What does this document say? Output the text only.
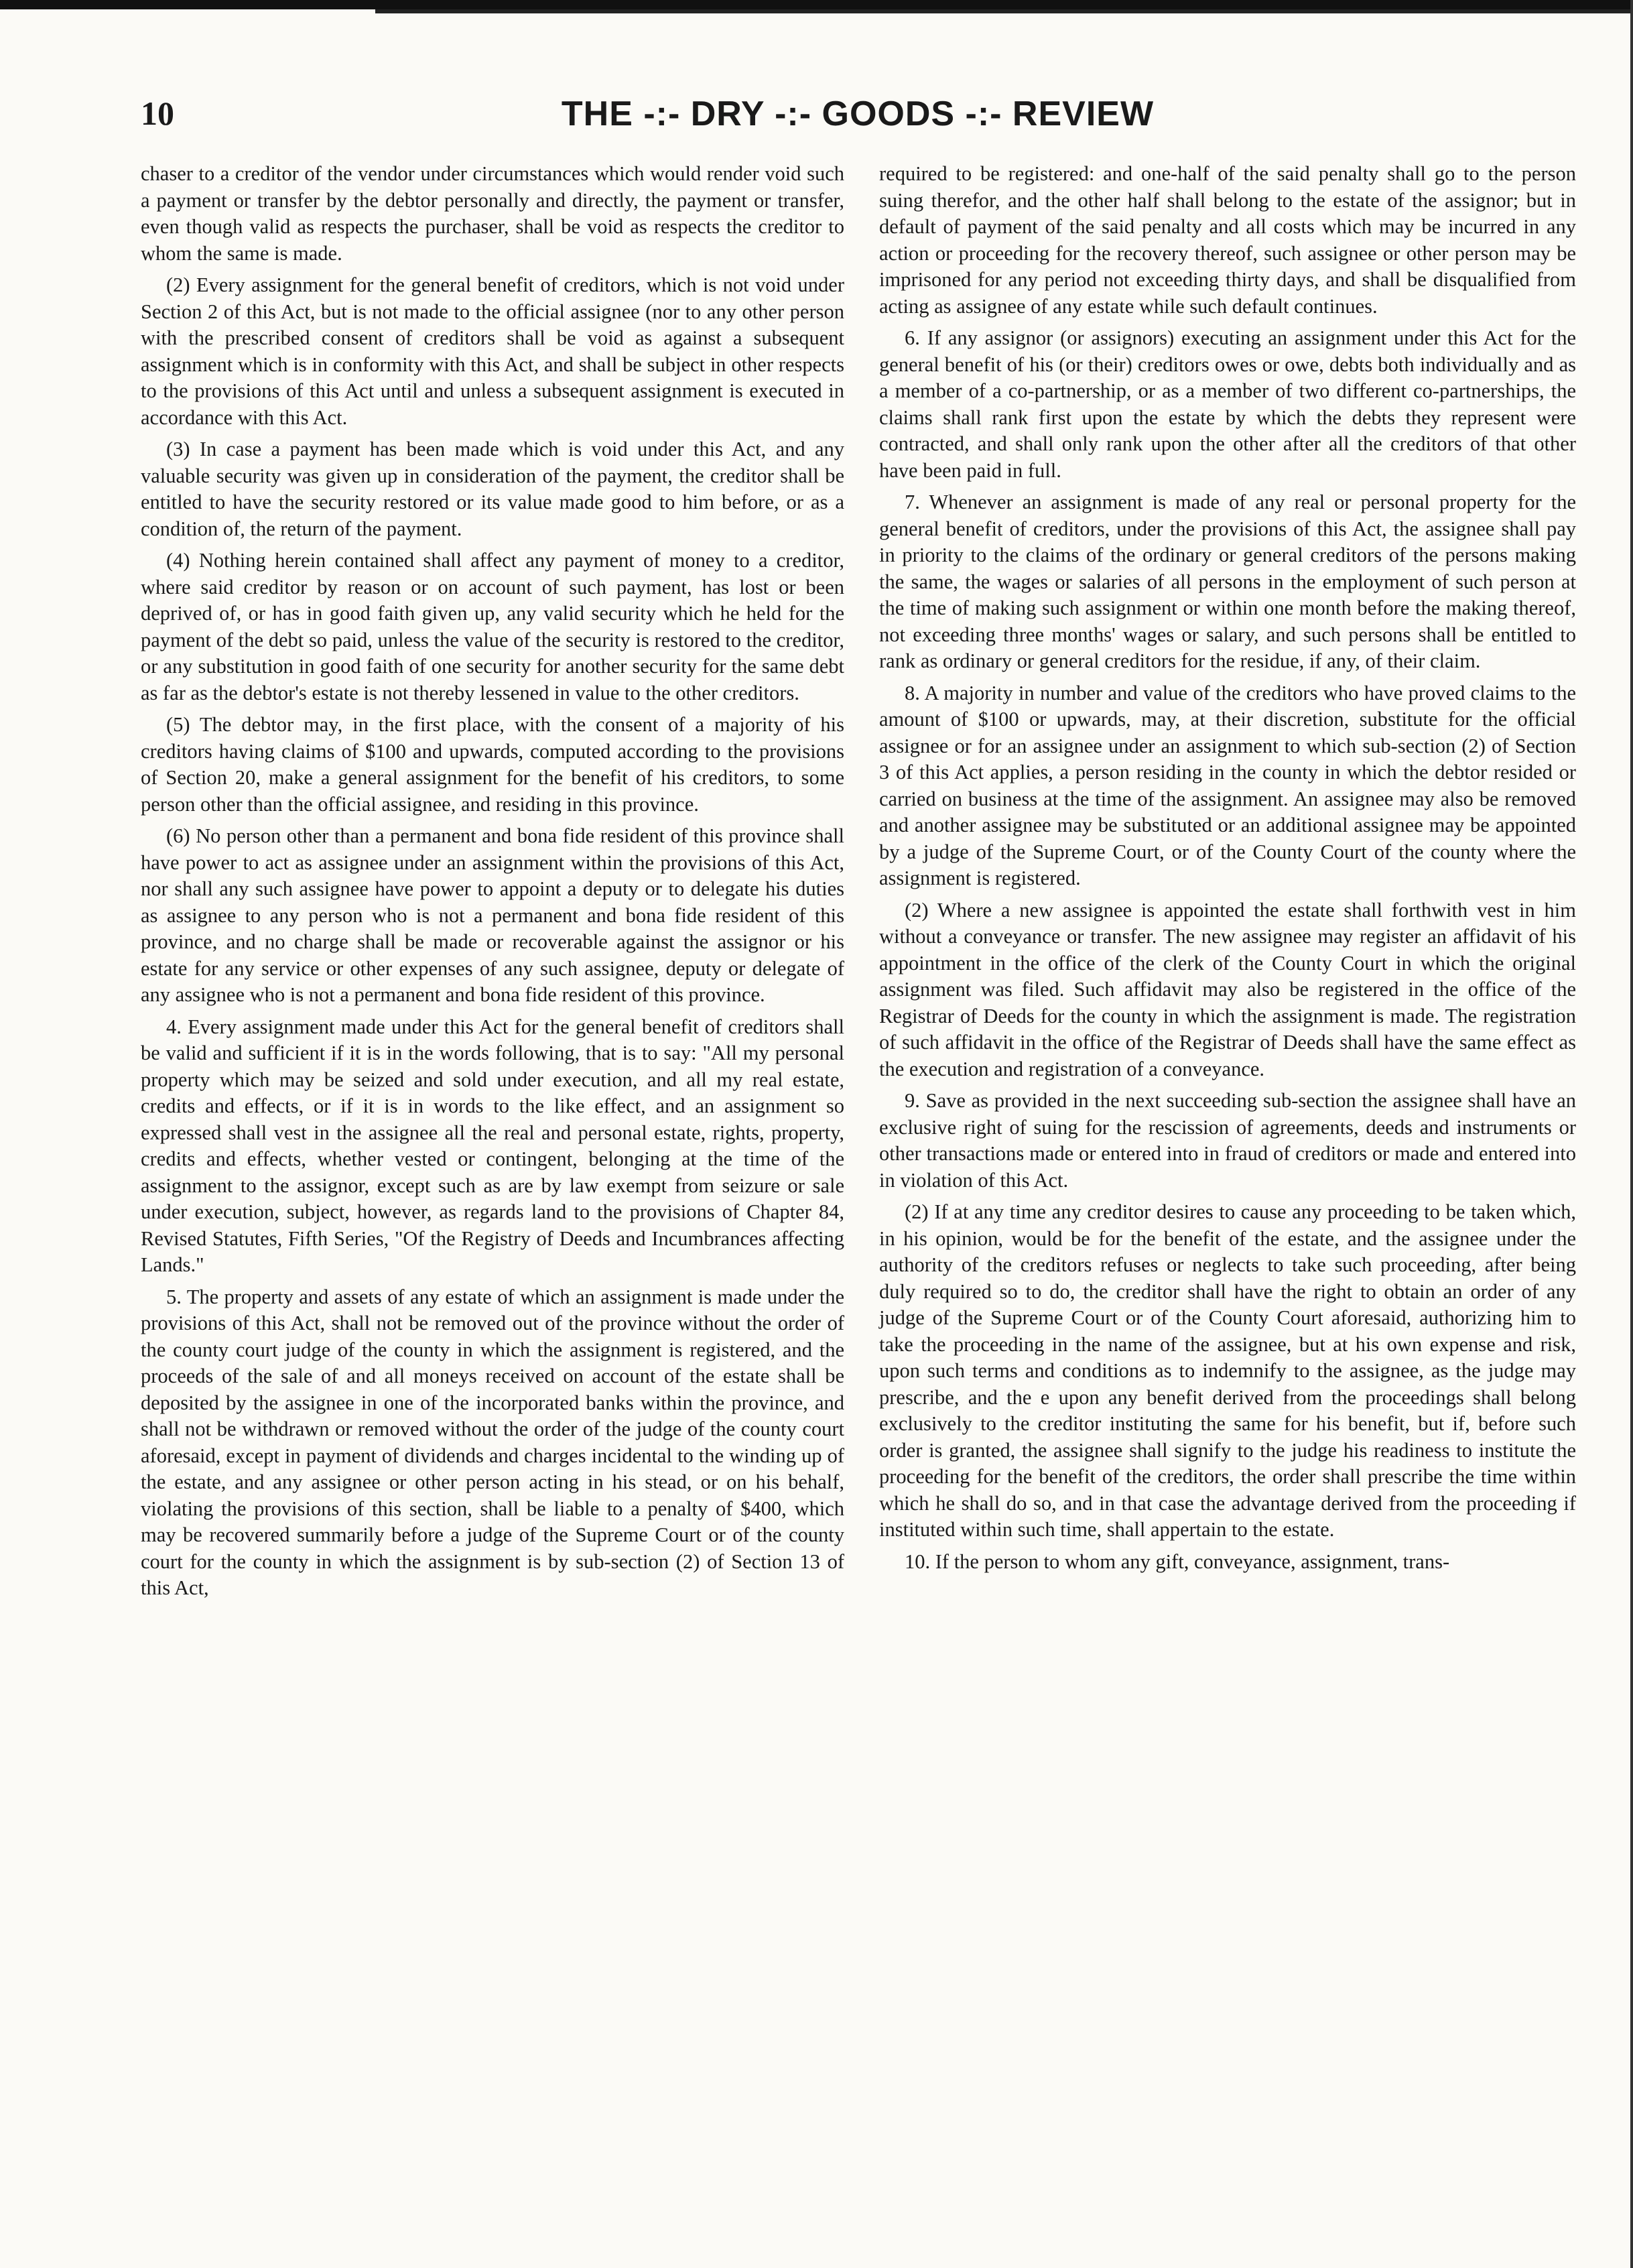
10	THE -:- DRY -:- GOODS -:- REVIEW

chaser to a creditor of the vendor under circumstances which would render void such a payment or transfer by the debtor personally and directly, the payment or transfer, even though valid as respects the purchaser, shall be void as respects the creditor to whom the same is made.

(2) Every assignment for the general benefit of creditors, which is not void under Section 2 of this Act, but is not made to the official assignee (nor to any other person with the prescribed consent of creditors shall be void as against a subsequent assignment which is in conformity with this Act, and shall be subject in other respects to the provisions of this Act until and unless a subsequent assignment is executed in accordance with this Act.

(3) In case a payment has been made which is void under this Act, and any valuable security was given up in consideration of the payment, the creditor shall be entitled to have the security restored or its value made good to him before, or as a condition of, the return of the payment.

(4) Nothing herein contained shall affect any payment of money to a creditor, where said creditor by reason or on account of such payment, has lost or been deprived of, or has in good faith given up, any valid security which he held for the payment of the debt so paid, unless the value of the security is restored to the creditor, or any substitution in good faith of one security for another security for the same debt as far as the debtor's estate is not thereby lessened in value to the other creditors.

(5) The debtor may, in the first place, with the consent of a majority of his creditors having claims of $100 and upwards, computed according to the provisions of Section 20, make a general assignment for the benefit of his creditors, to some person other than the official assignee, and residing in this province.

(6) No person other than a permanent and bona fide resident of this province shall have power to act as assignee under an assignment within the provisions of this Act, nor shall any such assignee have power to appoint a deputy or to delegate his duties as assignee to any person who is not a permanent and bona fide resident of this province, and no charge shall be made or recoverable against the assignor or his estate for any service or other expenses of any such assignee, deputy or delegate of any assignee who is not a permanent and bona fide resident of this province.

4. Every assignment made under this Act for the general benefit of creditors shall be valid and sufficient if it is in the words following, that is to say: "All my personal property which may be seized and sold under execution, and all my real estate, credits and effects, or if it is in words to the like effect, and an assignment so expressed shall vest in the assignee all the real and personal estate, rights, property, credits and effects, whether vested or contingent, belonging at the time of the assignment to the assignor, except such as are by law exempt from seizure or sale under execution, subject, however, as regards land to the provisions of Chapter 84, Revised Statutes, Fifth Series, "Of the Registry of Deeds and Incumbrances affecting Lands."

5. The property and assets of any estate of which an assignment is made under the provisions of this Act, shall not be removed out of the province without the order of the county court judge of the county in which the assignment is registered, and the proceeds of the sale of and all moneys received on account of the estate shall be deposited by the assignee in one of the incorporated banks within the province, and shall not be withdrawn or removed without the order of the judge of the county court aforesaid, except in payment of dividends and charges incidental to the winding up of the estate, and any assignee or other person acting in his stead, or on his behalf, violating the provisions of this section, shall be liable to a penalty of $400, which may be recovered summarily before a judge of the Supreme Court or of the county court for the county in which the assignment is by sub-section (2) of Section 13 of this Act,

required to be registered: and one-half of the said penalty shall go to the person suing therefor, and the other half shall belong to the estate of the assignor; but in default of payment of the said penalty and all costs which may be incurred in any action or proceeding for the recovery thereof, such assignee or other person may be imprisoned for any period not exceeding thirty days, and shall be disqualified from acting as assignee of any estate while such default continues.

6. If any assignor (or assignors) executing an assignment under this Act for the general benefit of his (or their) creditors owes or owe, debts both individually and as a member of a co-partnership, or as a member of two different co-partnerships, the claims shall rank first upon the estate by which the debts they represent were contracted, and shall only rank upon the other after all the creditors of that other have been paid in full.

7. Whenever an assignment is made of any real or personal property for the general benefit of creditors, under the provisions of this Act, the assignee shall pay in priority to the claims of the ordinary or general creditors of the persons making the same, the wages or salaries of all persons in the employment of such person at the time of making such assignment or within one month before the making thereof, not exceeding three months' wages or salary, and such persons shall be entitled to rank as ordinary or general creditors for the residue, if any, of their claim.

8. A majority in number and value of the creditors who have proved claims to the amount of $100 or upwards, may, at their discretion, substitute for the official assignee or for an assignee under an assignment to which sub-section (2) of Section 3 of this Act applies, a person residing in the county in which the debtor resided or carried on business at the time of the assignment. An assignee may also be removed and another assignee may be substituted or an additional assignee may be appointed by a judge of the Supreme Court, or of the County Court of the county where the assignment is registered.

(2) Where a new assignee is appointed the estate shall forthwith vest in him without a conveyance or transfer. The new assignee may register an affidavit of his appointment in the office of the clerk of the County Court in which the original assignment was filed. Such affidavit may also be registered in the office of the Registrar of Deeds for the county in which the assignment is made. The registration of such affidavit in the office of the Registrar of Deeds shall have the same effect as the execution and registration of a conveyance.

9. Save as provided in the next succeeding sub-section the assignee shall have an exclusive right of suing for the rescission of agreements, deeds and instruments or other transactions made or entered into in fraud of creditors or made and entered into in violation of this Act.

(2) If at any time any creditor desires to cause any proceeding to be taken which, in his opinion, would be for the benefit of the estate, and the assignee under the authority of the creditors refuses or neglects to take such proceeding, after being duly required so to do, the creditor shall have the right to obtain an order of any judge of the Supreme Court or of the County Court aforesaid, authorizing him to take the proceeding in the name of the assignee, but at his own expense and risk, upon such terms and conditions as to indemnify to the assignee, as the judge may prescribe, and the e upon any benefit derived from the proceedings shall belong exclusively to the creditor instituting the same for his benefit, but if, before such order is granted, the assignee shall signify to the judge his readiness to institute the proceeding for the benefit of the creditors, the order shall prescribe the time within which he shall do so, and in that case the advantage derived from the proceeding if instituted within such time, shall appertain to the estate.

10. If the person to whom any gift, conveyance, assignment, trans-
